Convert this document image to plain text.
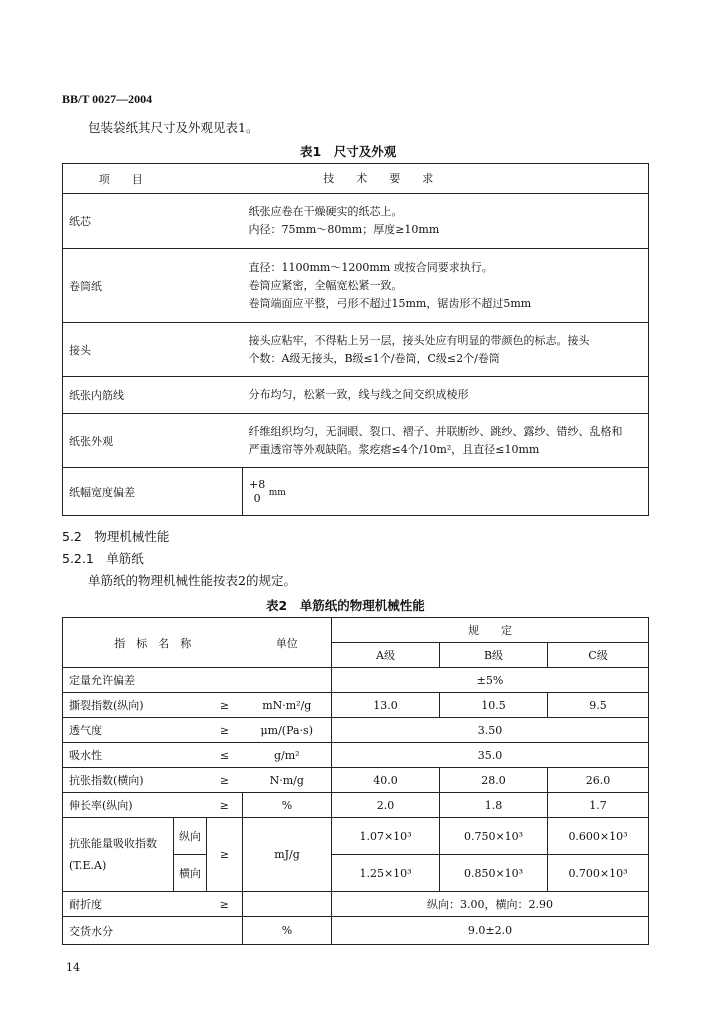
BB/T 0027—2004
包装袋纸其尺寸及外观见表1。
表1　尺寸及外观
项　　目	技　　术　　要　　求
纸芯	纸张应卷在干燥硬实的纸芯上。
内径：75mm～80mm；厚度≥10mm

卷筒纸	直径：1100mm～1200mm 或按合同要求执行。
卷筒应紧密，全幅宽松紧一致。
卷筒端面应平整，弓形不超过15mm，锯齿形不超过5mm

接头	接头应粘牢，不得粘上另一层，接头处应有明显的带颜色的标志。接头
个数：A级无接头，B级≤1个/卷筒，C级≤2个/卷筒

纸张内筋线	分布均匀，松紧一致，线与线之间交织成棱形

纸张外观	纤维组织均匀，无洞眼、裂口、褶子、并联断纱、跳纱、露纱、错纱、乱格和
严重透帘等外观缺陷。浆疙瘩≤4个/10m²，且直径≤10mm

纸幅宽度偏差	+8
0 mm
5.2　物理机械性能
5.2.1　单筋纸
单筋纸的物理机械性能按表2的规定。
表2　单筋纸的物理机械性能
指　标　名　称			单位	规　　定		
				A级	B级	C级
定量允许偏差				±5%		
撕裂指数(纵向)		≥	mN·m²/g	13.0	10.5	9.5
透气度		≥	μm/(Pa·s)	3.50		
吸水性		≤	g/m²	35.0		
抗张指数(横向)		≥	N·m/g	40.0	28.0	26.0
伸长率(纵向)		≥	%	2.0	1.8	1.7
抗张能量吸收指数(T.E.A)	纵向	≥	mJ/g	1.07×10³	0.750×10³	0.600×10³
	横向			1.25×10³	0.850×10³	0.700×10³
耐折度		≥		纵向：3.00，横向：2.90		
交货水分			%	9.0±2.0		
14
